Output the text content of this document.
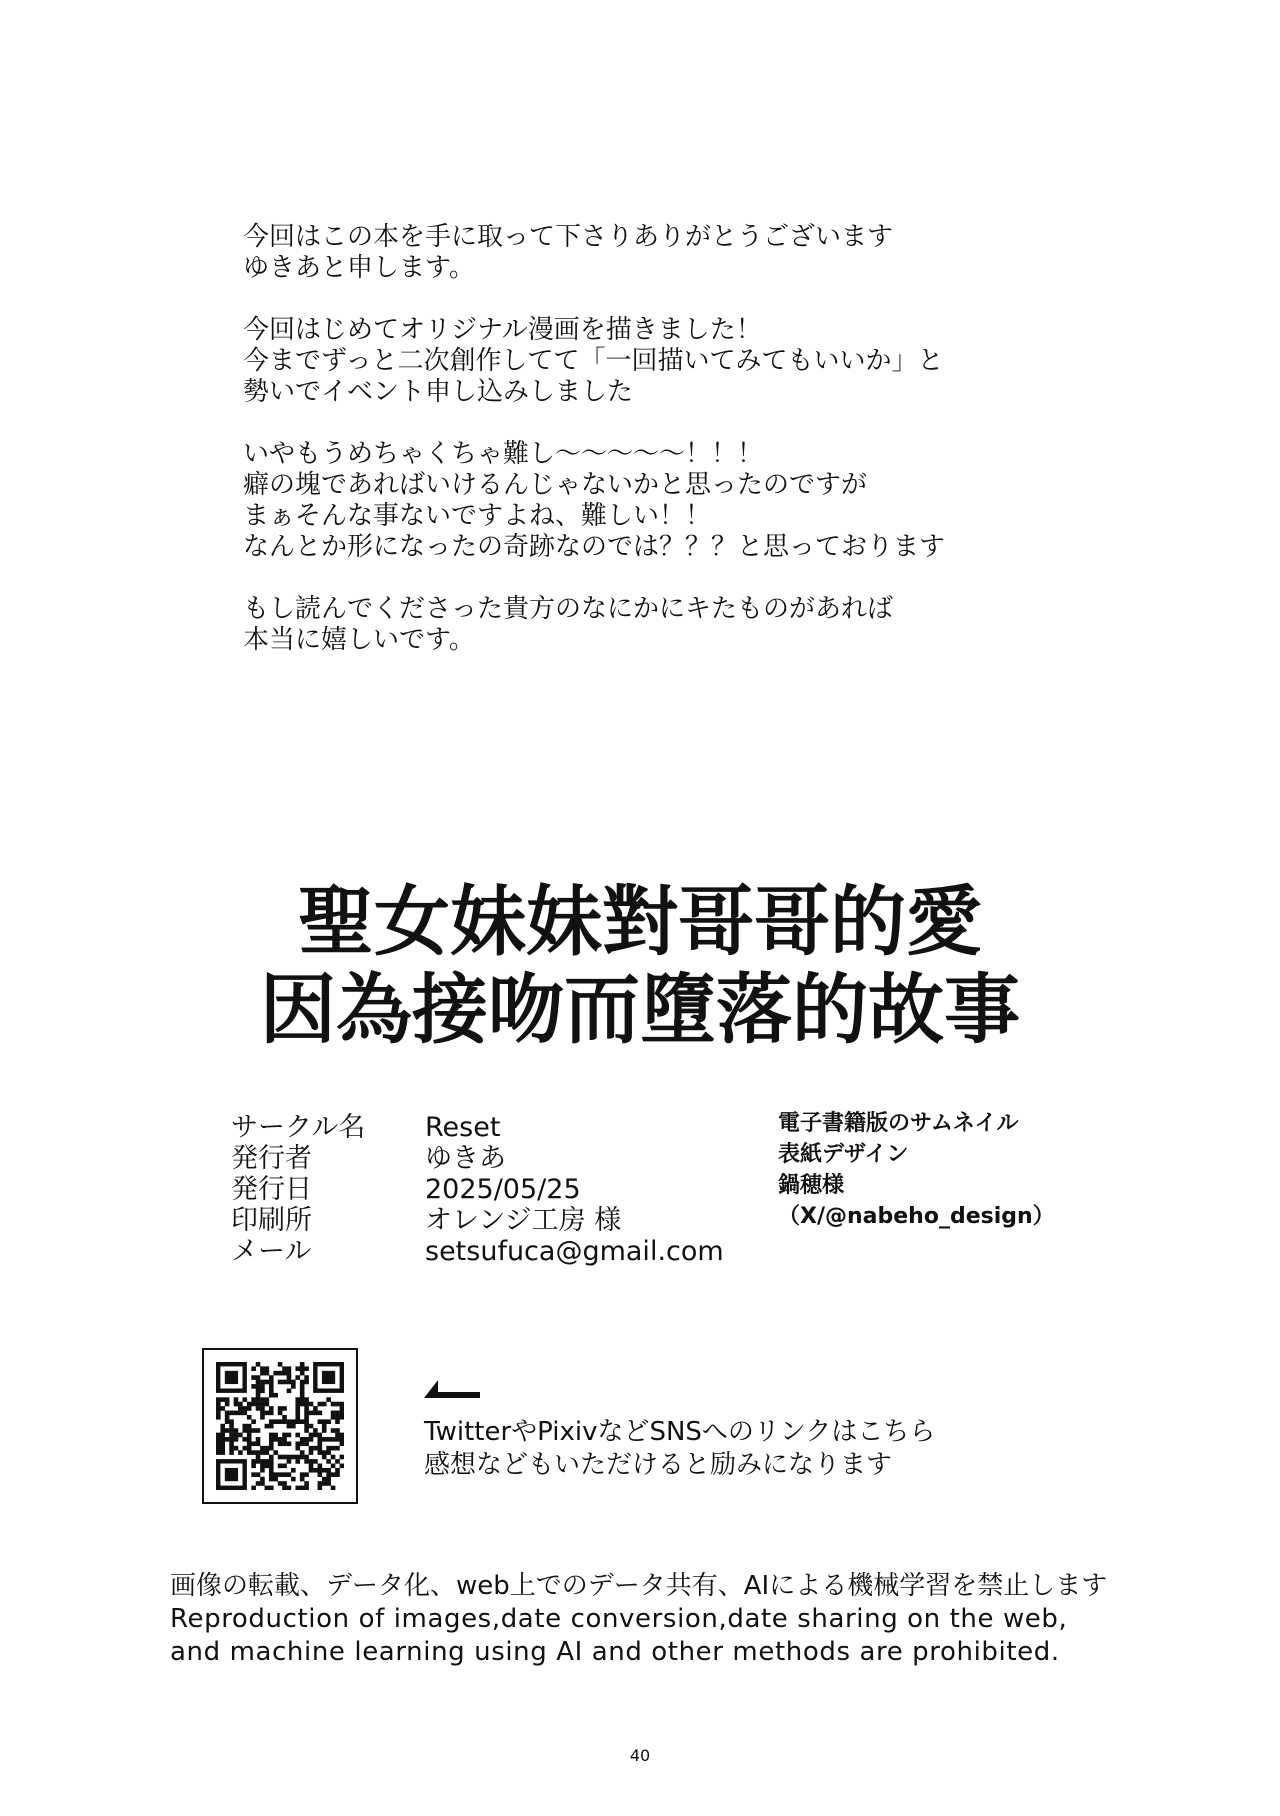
今回はこの本を手に取って下さりありがとうございます
ゆきあと申します。

今回はじめてオリジナル漫画を描きました！
今までずっと二次創作してて「一回描いてみてもいいか」と
勢いでイベント申し込みしました

いやもうめちゃくちゃ難し〜〜〜〜〜！！！
癖の塊であればいけるんじゃないかと思ったのですが
まぁそんな事ないですよね、難しい！！
なんとか形になったの奇跡なのでは？？？と思っております

もし読んでくださった貴方のなにかにキたものがあれば
本当に嬉しいです。

聖女妹妹對哥哥的愛
因為接吻而墮落的故事
サークル名	Reset
発行者	ゆきあ
発行日	2025/05/25
印刷所	オレンジ工房 様
メール	setsufuca@gmail.com
電子書籍版のサムネイル
表紙デザイン
鍋穂様
（X/@nabeho_design）
TwitterやPixivなどSNSへのリンクはこちら
感想などもいただけると励みになります
画像の転載、データ化、web上でのデータ共有、AIによる機械学習を禁止します
Reproduction of images,date conversion,date sharing on the web,
and machine learning using AI and other methods are prohibited.
40
